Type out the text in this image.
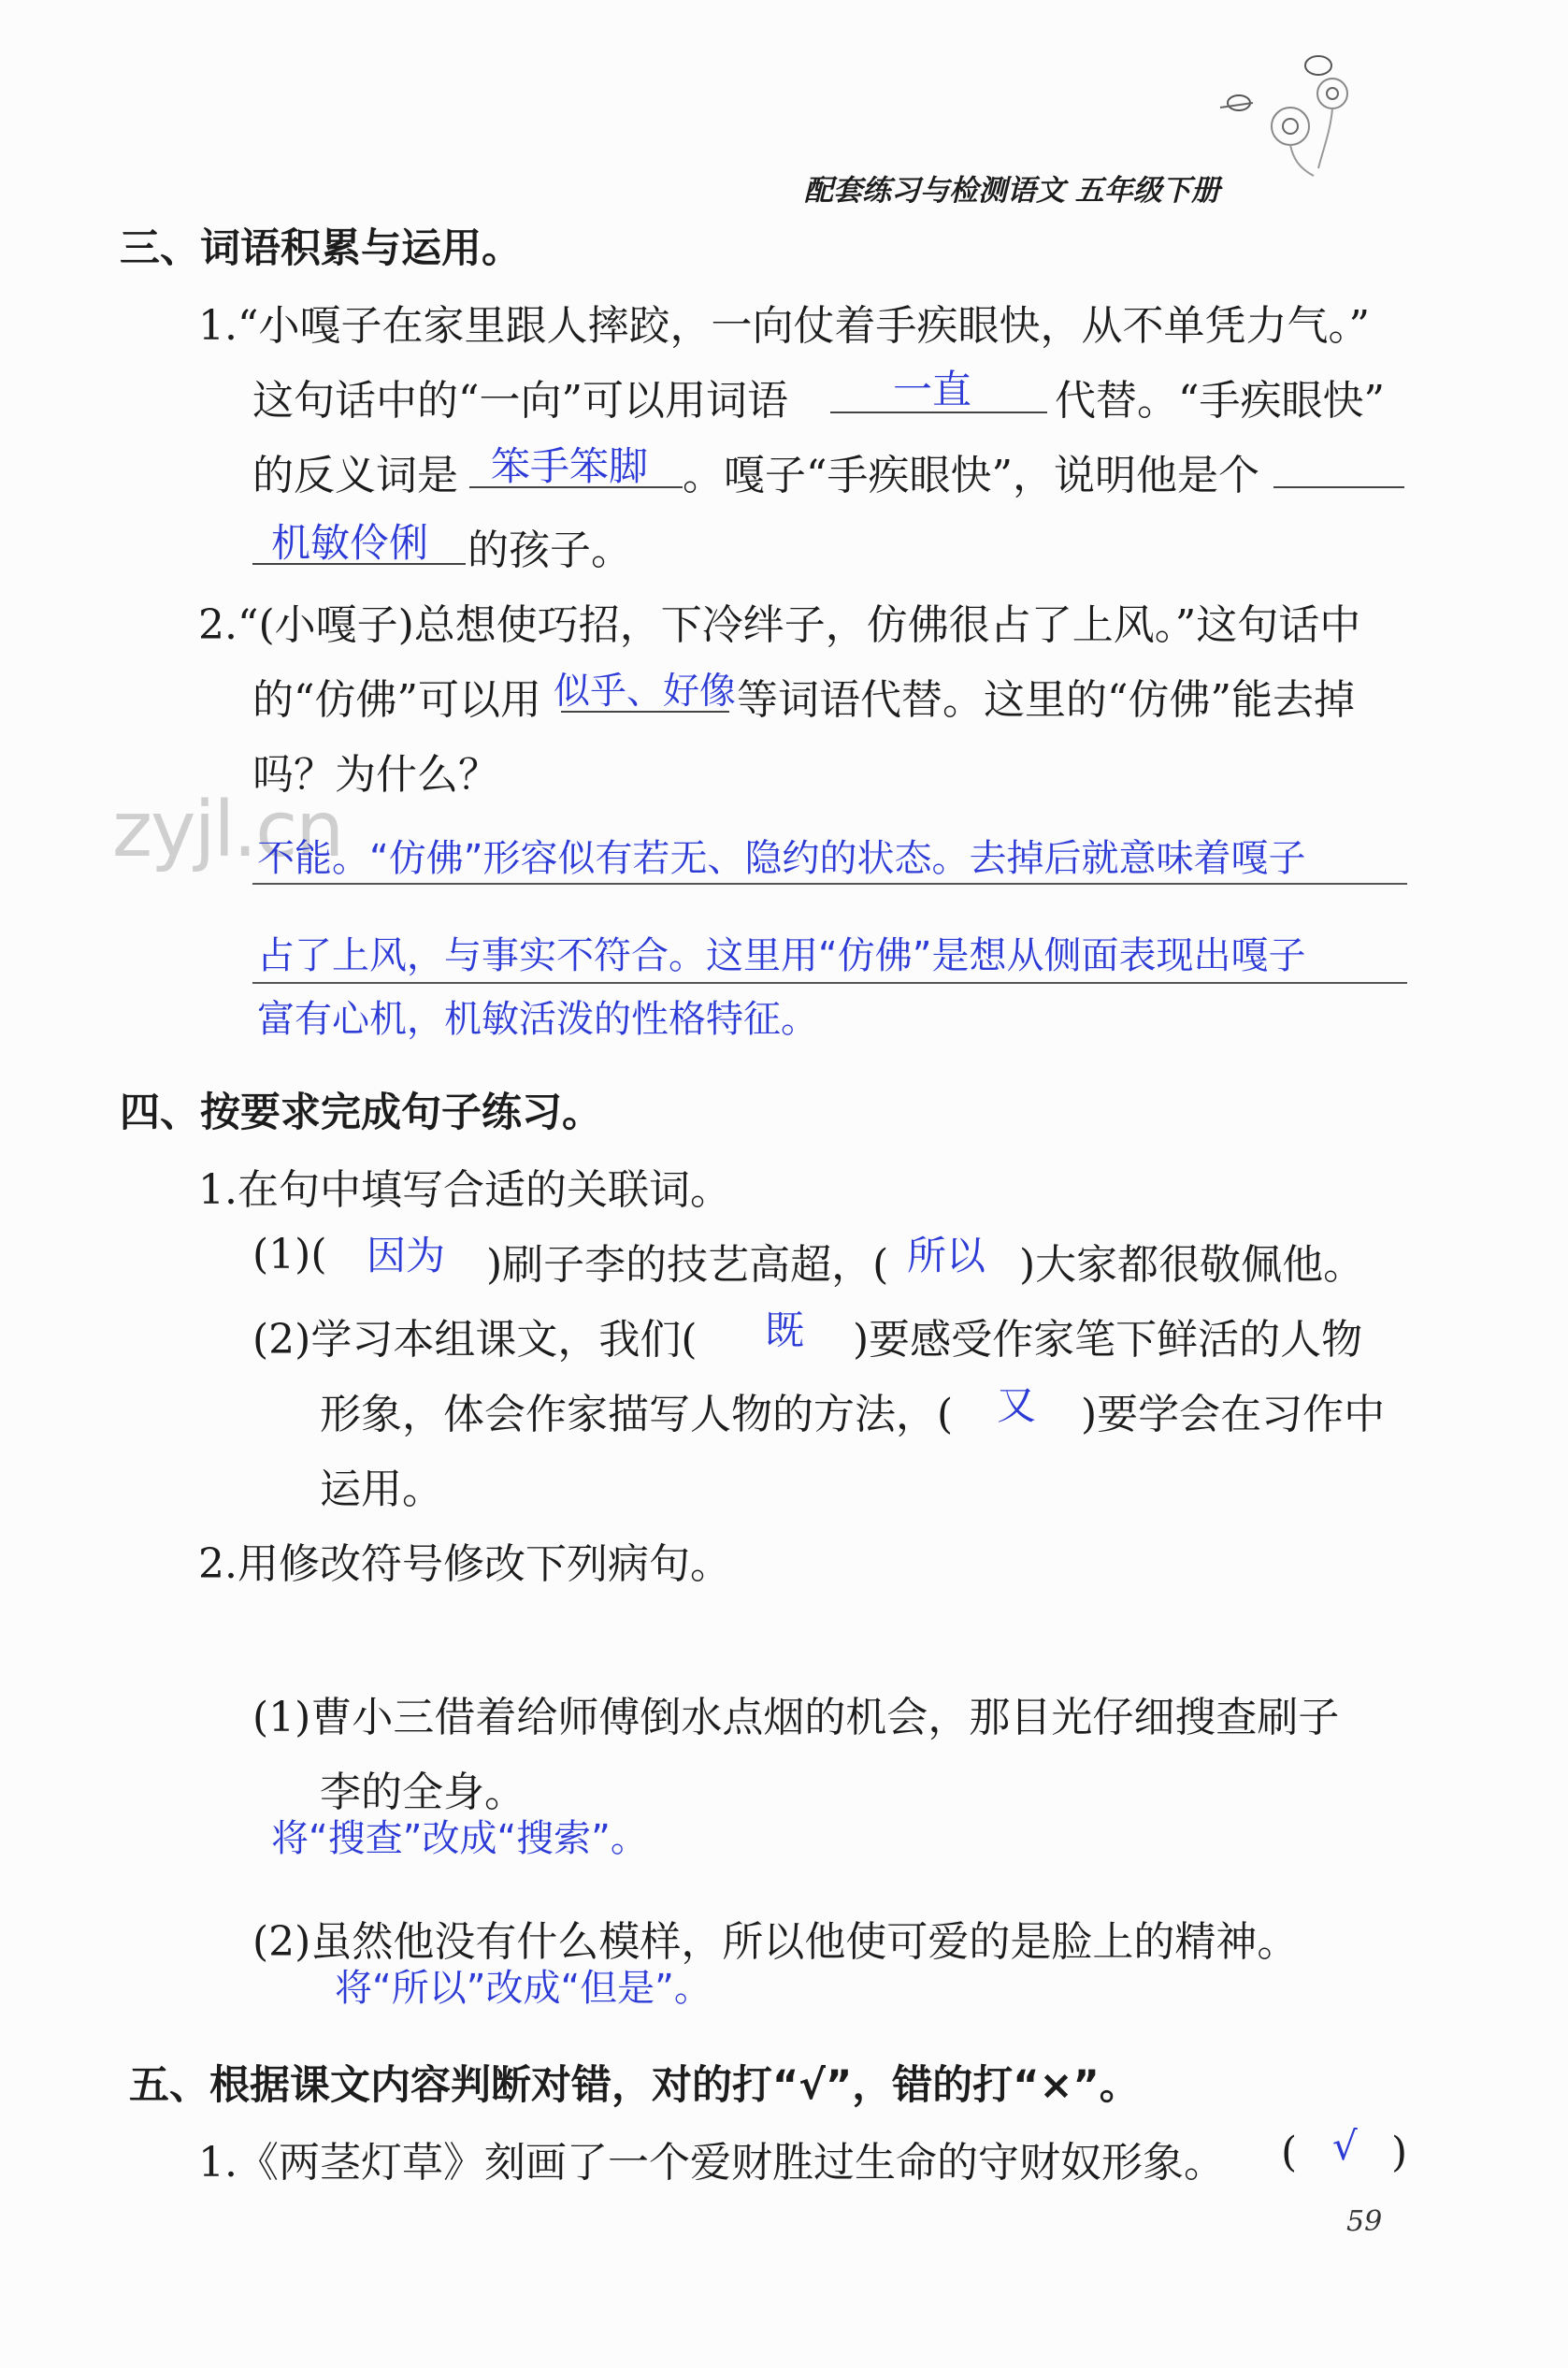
配套练习与检测语文 五年级下册
zyjl.cn
三、词语积累与运用。
1.“小嘎子在家里跟人摔跤，一向仗着手疾眼快，从不单凭力气。”
这句话中的“一向”可以用词语	一直 代替。“手疾眼快”
的反义词是 笨手笨脚 。嘎子“手疾眼快”，说明他是个
机敏伶俐 的孩子。
2.“(小嘎子)总想使巧招，下冷绊子，仿佛很占了上风。”这句话中
的“仿佛”可以用 似乎、好像 等词语代替。这里的“仿佛”能去掉
吗？为什么？
不能。“仿佛”形容似有若无、隐约的状态。去掉后就意味着嘎子
占了上风，与事实不符合。这里用“仿佛”是想从侧面表现出嘎子
富有心机，机敏活泼的性格特征。
四、按要求完成句子练习。
1.在句中填写合适的关联词。
(1)( 因为 )刷子李的技艺高超，( 所以 )大家都很敬佩他。
(2)学习本组课文，我们( 既 )要感受作家笔下鲜活的人物
形象，体会作家描写人物的方法，( 又 )要学会在习作中
运用。
2.用修改符号修改下列病句。
(1)曹小三借着给师傅倒水点烟的机会，那目光仔细搜查刷子
李的全身。
将“搜查”改成“搜索”。
(2)虽然他没有什么模样，所以他使可爱的是脸上的精神。
将“所以”改成“但是”。
五、根据课文内容判断对错，对的打“√”，错的打“×”。
1.《两茎灯草》刻画了一个爱财胜过生命的守财奴形象。 ( √ )
59
